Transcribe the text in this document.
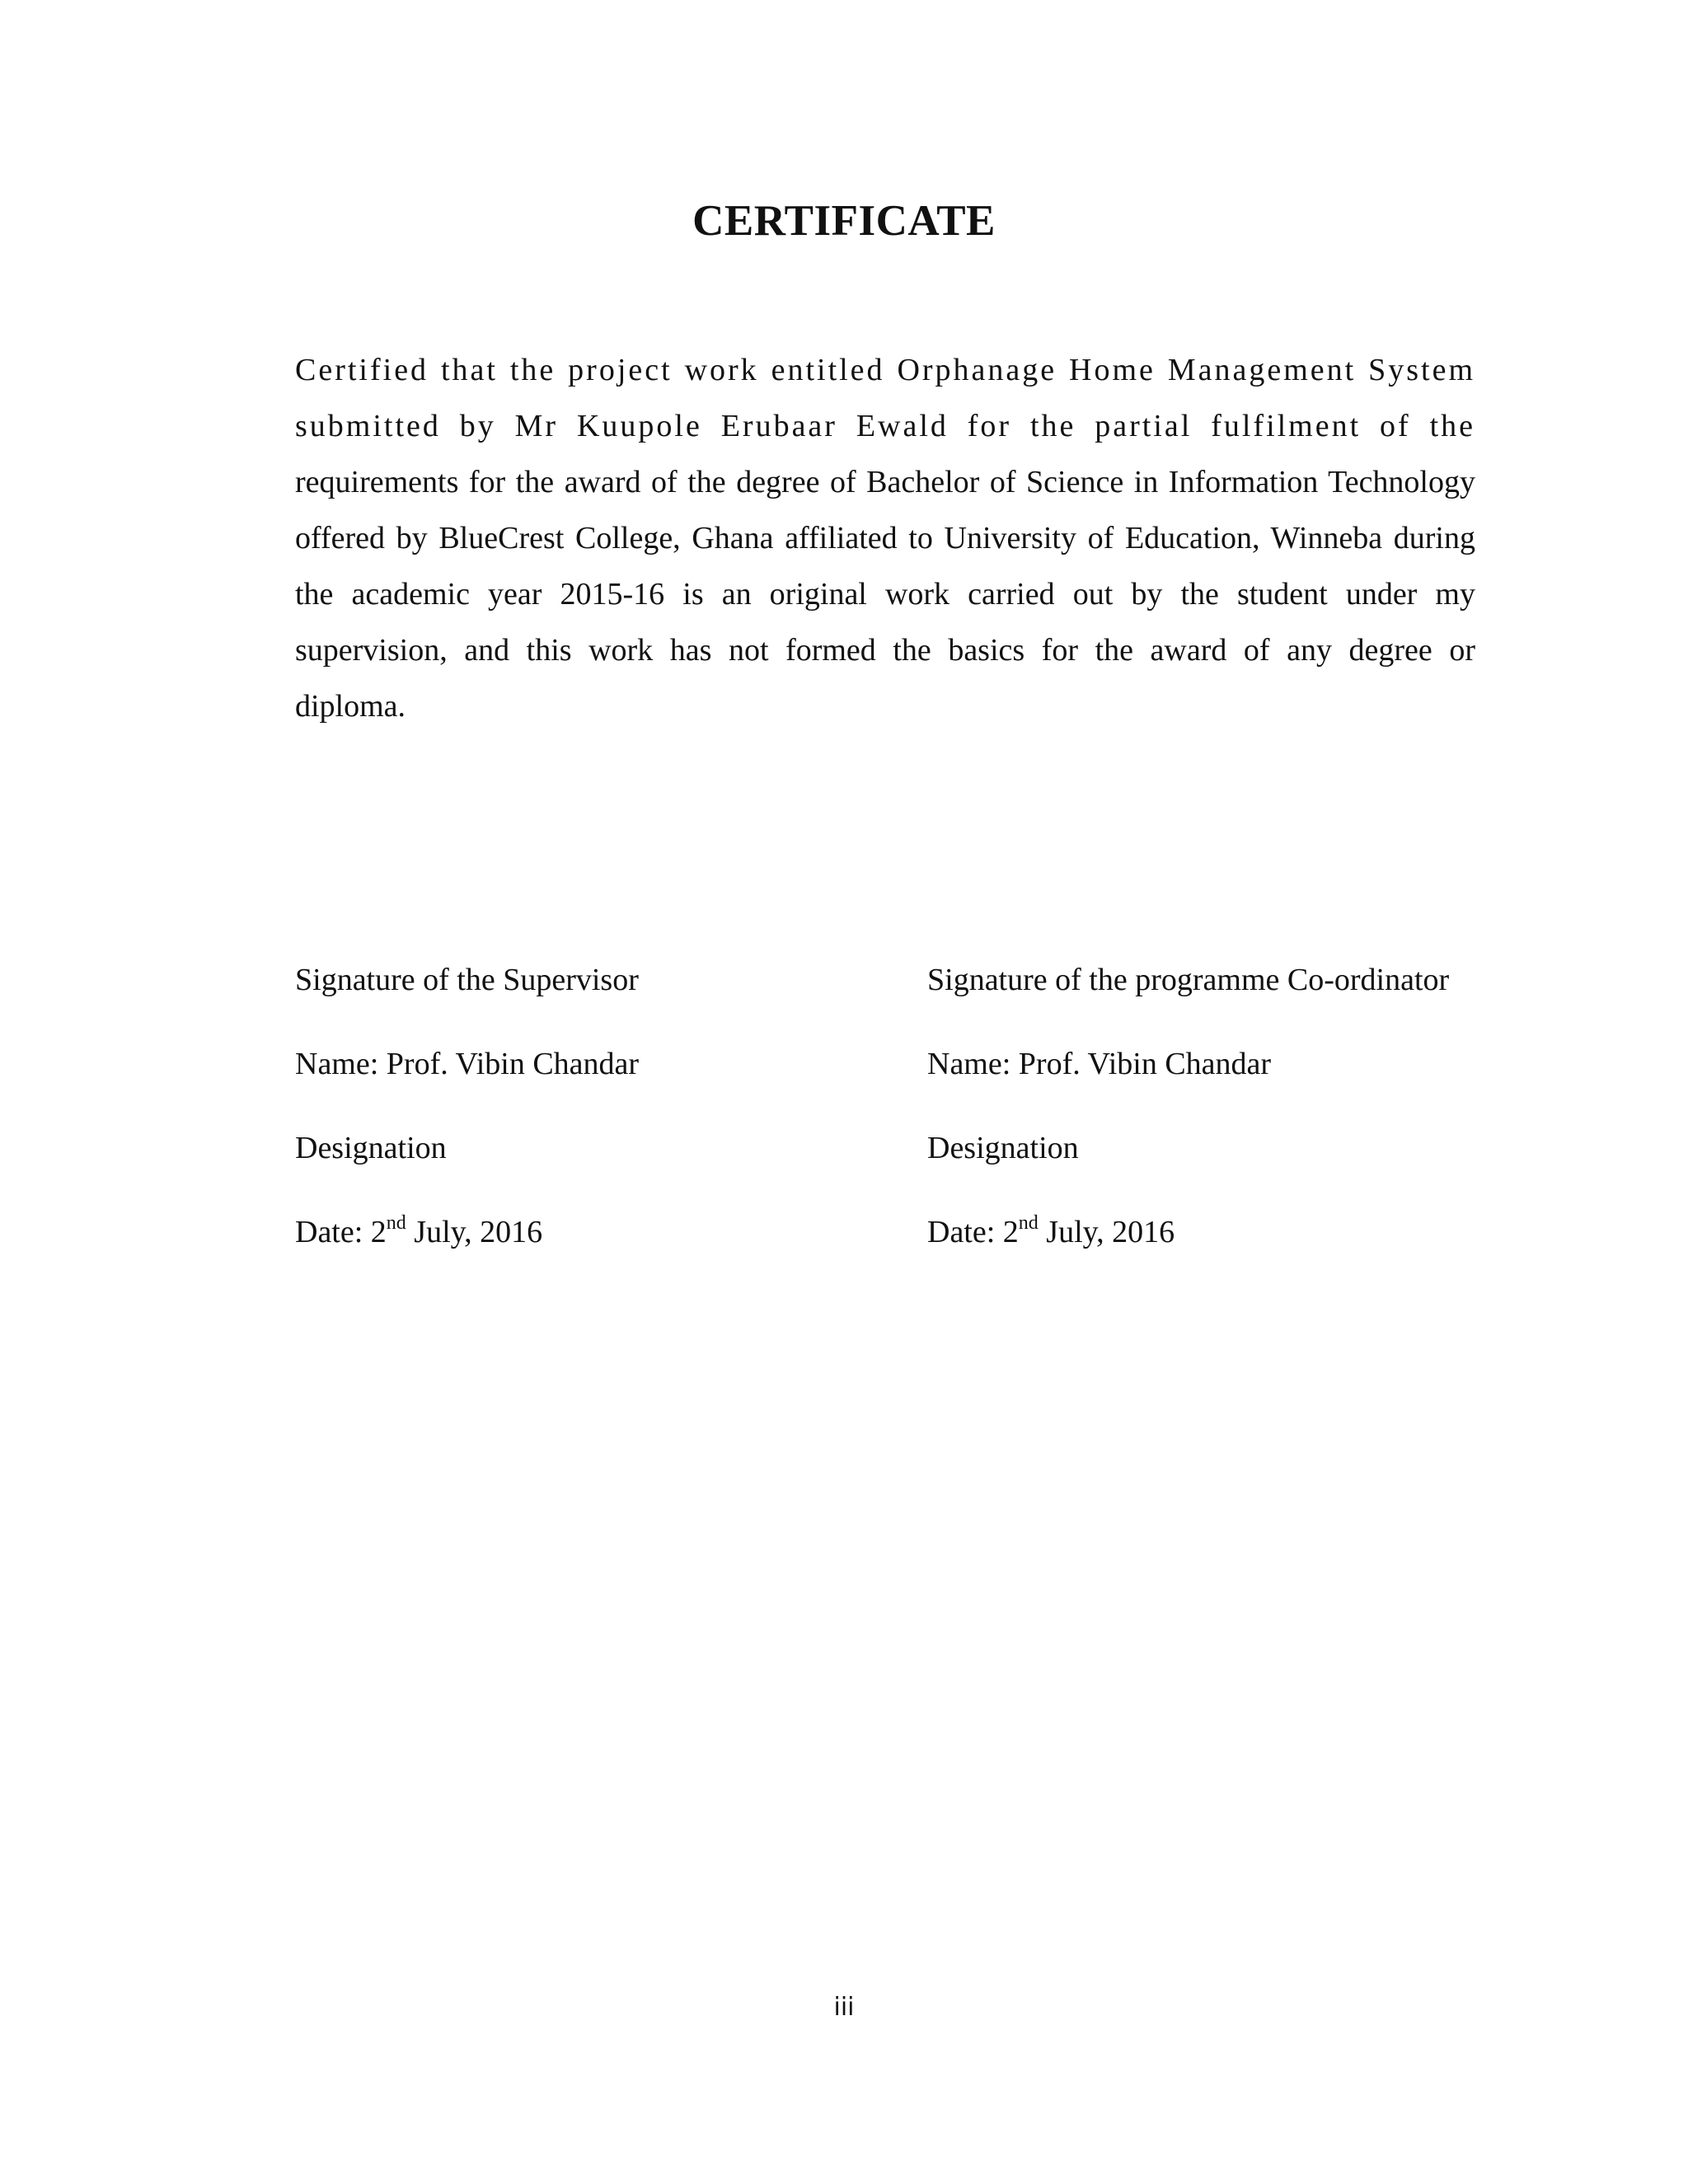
CERTIFICATE
Certified that the project work entitled Orphanage Home Management System
submitted by Mr Kuupole Erubaar Ewald for the partial fulfilment of the
requirements for the award of the degree of Bachelor of Science in Information Technology
offered by BlueCrest College, Ghana affiliated to University of Education, Winneba during
the academic year 2015-16 is an original work carried out by the student under my
supervision, and this work has not formed the basics for the award of any degree or
diploma.
Signature of the Supervisor
Name: Prof. Vibin Chandar
Designation
Date: 2nd July, 2016
Signature of the programme Co-ordinator
Name: Prof. Vibin Chandar
Designation
Date: 2nd July, 2016
iii
